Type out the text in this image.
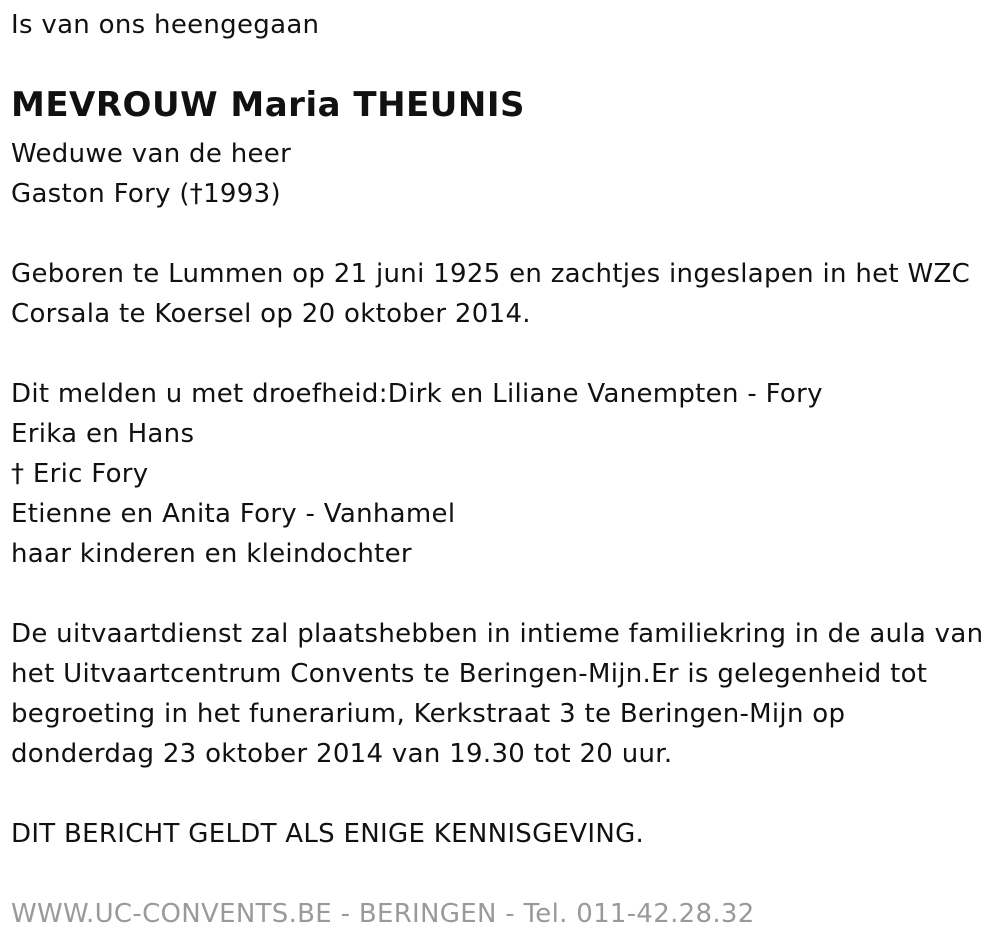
Is van ons heengegaan
MEVROUW Maria THEUNIS
Weduwe van de heer
Gaston Fory (†1993)
Geboren te Lummen op 21 juni 1925 en zachtjes ingeslapen in het WZC
Corsala te Koersel op 20 oktober 2014.
Dit melden u met droefheid:Dirk en Liliane Vanempten - Fory
Erika en Hans
† Eric Fory
Etienne en Anita Fory - Vanhamel
haar kinderen en kleindochter
De uitvaartdienst zal plaatshebben in intieme familiekring in de aula van
het Uitvaartcentrum Convents te Beringen-Mijn.Er is gelegenheid tot
begroeting in het funerarium, Kerkstraat 3 te Beringen-Mijn op
donderdag 23 oktober 2014 van 19.30 tot 20 uur.
DIT BERICHT GELDT ALS ENIGE KENNISGEVING.
WWW.UC-CONVENTS.BE - BERINGEN - Tel. 011-42.28.32
